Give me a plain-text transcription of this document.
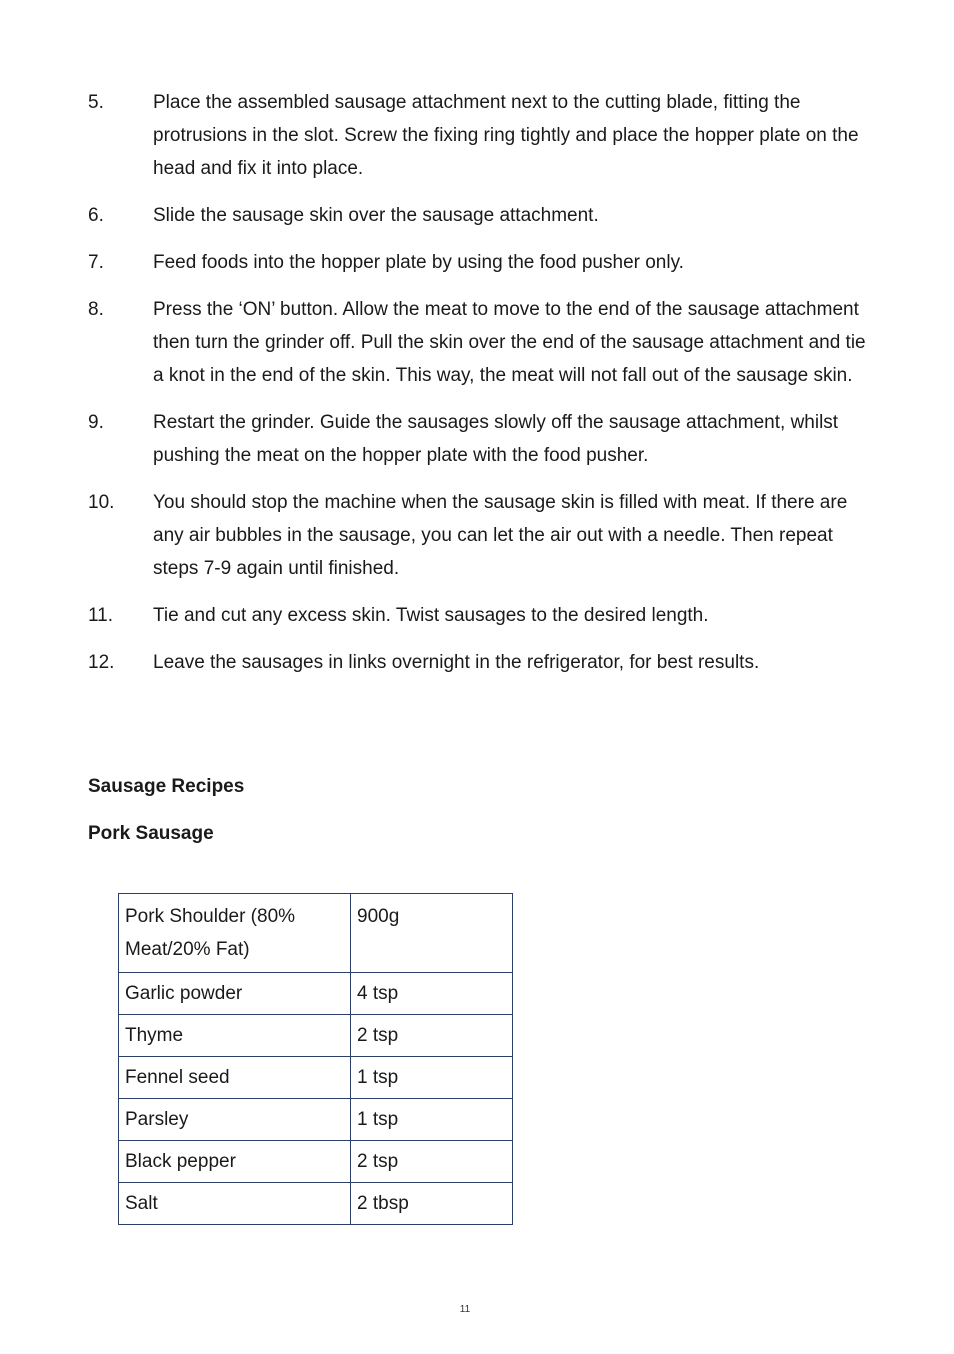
5.	Place the assembled sausage attachment next to the cutting blade, fitting the protrusions in the slot. Screw the fixing ring tightly and place the hopper plate on the head and fix it into place.
6.	Slide the sausage skin over the sausage attachment.
7.	Feed foods into the hopper plate by using the food pusher only.
8.	Press the ‘ON’ button. Allow the meat to move to the end of the sausage attachment then turn the grinder off. Pull the skin over the end of the sausage attachment and tie a knot in the end of the skin. This way, the meat will not fall out of the sausage skin.
9.	Restart the grinder. Guide the sausages slowly off the sausage attachment, whilst pushing the meat on the hopper plate with the food pusher.
10.	You should stop the machine when the sausage skin is filled with meat. If there are any air bubbles in the sausage, you can let the air out with a needle. Then repeat steps 7-9 again until finished.
11.	Tie and cut any excess skin. Twist sausages to the desired length.
12.	Leave the sausages in links overnight in the refrigerator, for best results.
Sausage Recipes
Pork Sausage
Pork Shoulder (80% Meat/20% Fat)	900g
Garlic powder	4 tsp
Thyme	2 tsp
Fennel seed	1 tsp
Parsley	1 tsp
Black pepper	2 tsp
Salt	2 tbsp
11
